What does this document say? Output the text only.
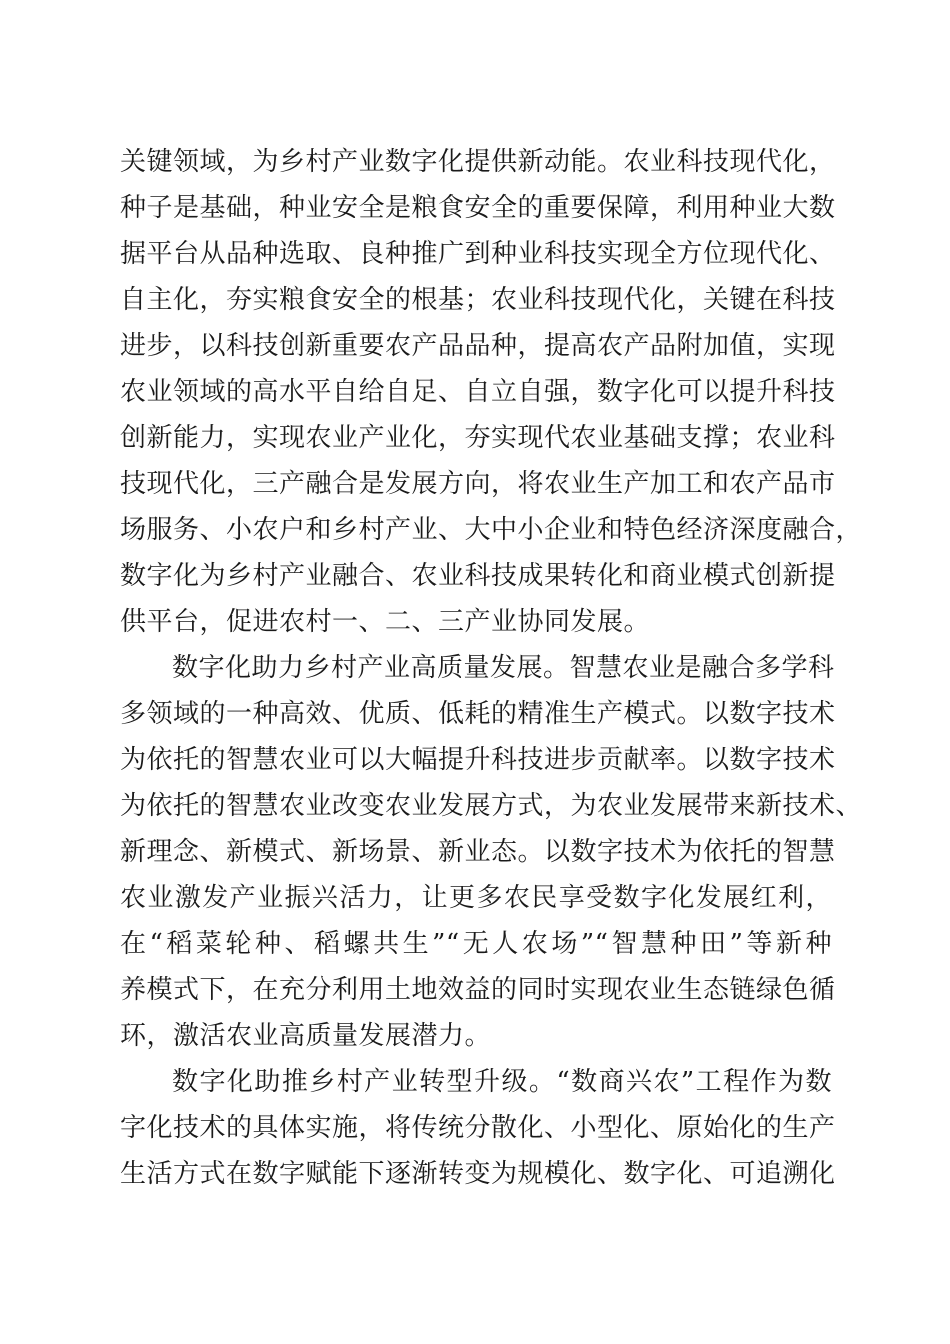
关键领域，为乡村产业数字化提供新动能。农业科技现代化，
种子是基础，种业安全是粮食安全的重要保障，利用种业大数
据平台从品种选取、良种推广到种业科技实现全方位现代化、
自主化，夯实粮食安全的根基；农业科技现代化，关键在科技
进步，以科技创新重要农产品品种，提高农产品附加值，实现
农业领域的高水平自给自足、自立自强，数字化可以提升科技
创新能力，实现农业产业化，夯实现代农业基础支撑；农业科
技现代化，三产融合是发展方向，将农业生产加工和农产品市
场服务、小农户和乡村产业、大中小企业和特色经济深度融合，
数字化为乡村产业融合、农业科技成果转化和商业模式创新提
供平台，促进农村一、二、三产业协同发展。
数字化助力乡村产业高质量发展。智慧农业是融合多学科
多领域的一种高效、优质、低耗的精准生产模式。以数字技术
为依托的智慧农业可以大幅提升科技进步贡献率。以数字技术
为依托的智慧农业改变农业发展方式，为农业发展带来新技术、
新理念、新模式、新场景、新业态。以数字技术为依托的智慧
农业激发产业振兴活力，让更多农民享受数字化发展红利，
在“稻菜轮种、稻螺共生”“无人农场”“智慧种田”等新种
养模式下，在充分利用土地效益的同时实现农业生态链绿色循
环，激活农业高质量发展潜力。
数字化助推乡村产业转型升级。“数商兴农”工程作为数
字化技术的具体实施，将传统分散化、小型化、原始化的生产
生活方式在数字赋能下逐渐转变为规模化、数字化、可追溯化
